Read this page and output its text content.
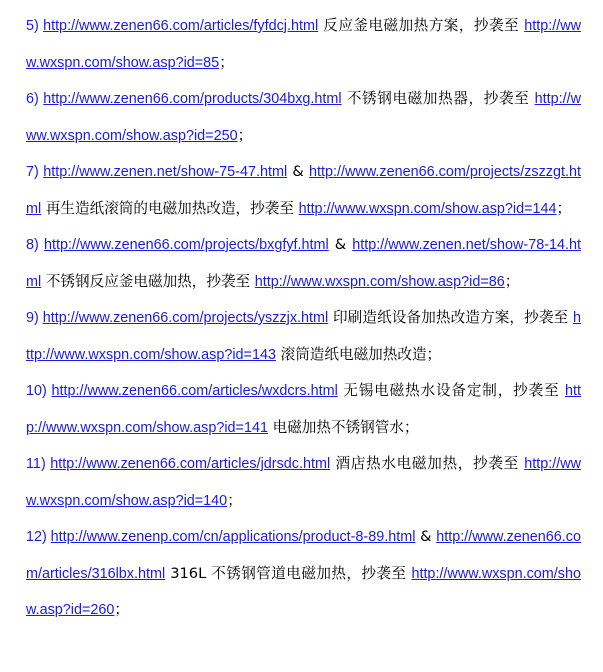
5) http://www.zenen66.com/articles/fyfdcj.html 反应釜电磁加热方案，抄袭至 http://www.wxspn.com/show.asp?id=85；

6) http://www.zenen66.com/products/304bxg.html 不锈钢电磁加热器，抄袭至 http://www.wxspn.com/show.asp?id=250；

7) http://www.zenen.net/show-75-47.html & http://www.zenen66.com/projects/zszzgt.html 再生造纸滚筒的电磁加热改造，抄袭至 http://www.wxspn.com/show.asp?id=144；

8) http://www.zenen66.com/projects/bxgfyf.html & http://www.zenen.net/show-78-14.html 不锈钢反应釜电磁加热，抄袭至 http://www.wxspn.com/show.asp?id=86；

9) http://www.zenen66.com/projects/yszzjx.html 印刷造纸设备加热改造方案，抄袭至 http://www.wxspn.com/show.asp?id=143 滚筒造纸电磁加热改造；

10) http://www.zenen66.com/articles/wxdcrs.html 无锡电磁热水设备定制，抄袭至 http://www.wxspn.com/show.asp?id=141 电磁加热不锈钢管水；

11) http://www.zenen66.com/articles/jdrsdc.html 酒店热水电磁加热，抄袭至 http://www.wxspn.com/show.asp?id=140；

12) http://www.zenenp.com/cn/applications/product-8-89.html & http://www.zenen66.com/articles/316lbx.html 316L 不锈钢管道电磁加热，抄袭至 http://www.wxspn.com/show.asp?id=260；
